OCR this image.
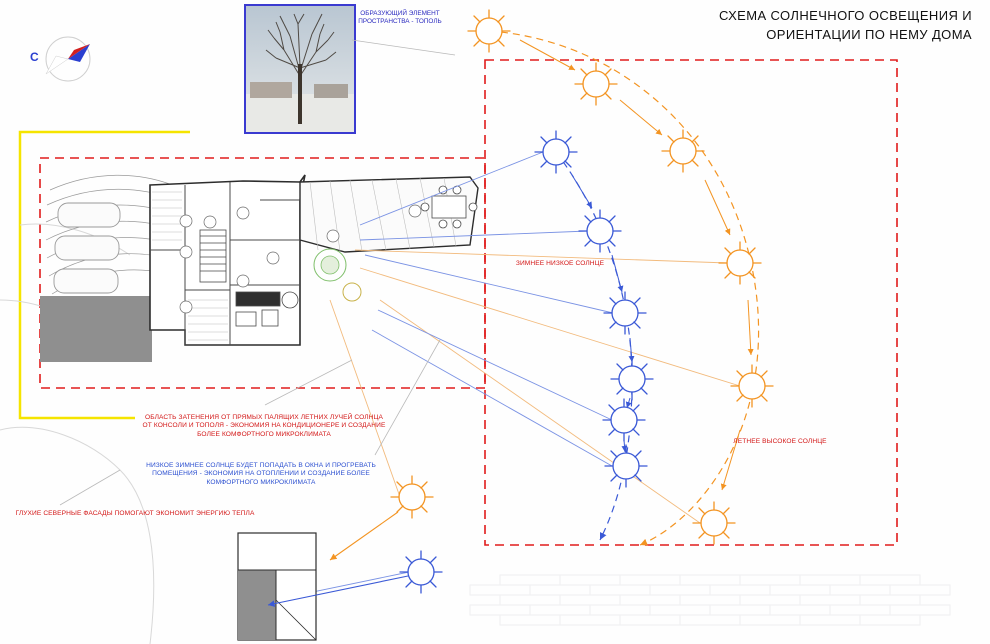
СХЕМА СОЛНЕЧНОГО ОСВЕЩЕНИЯ И
ОРИЕНТАЦИИ ПО НЕМУ ДОМА
С
ОБРАЗУЮЩИЙ ЭЛЕМЕНТ ПРОСТРАНСТВА - ТОПОЛЬ
ЗИМНЕЕ НИЗКОЕ СОЛНЦЕ
ЛЕТНЕЕ ВЫСОКОЕ СОЛНЦЕ
ОБЛАСТЬ ЗАТЕНЕНИЯ ОТ ПРЯМЫХ ПАЛЯЩИХ ЛЕТНИХ ЛУЧЕЙ СОЛНЦА ОТ КОНСОЛИ И ТОПОЛЯ - ЭКОНОМИЯ НА КОНДИЦИОНЕРЕ И СОЗДАНИЕ БОЛЕЕ КОМФОРТНОГО МИКРОКЛИМАТА
НИЗКОЕ ЗИМНЕЕ СОЛНЦЕ БУДЕТ ПОПАДАТЬ В ОКНА И ПРОГРЕВАТЬ ПОМЕЩЕНИЯ - ЭКОНОМИЯ НА ОТОПЛЕНИИ И СОЗДАНИЕ БОЛЕЕ КОМФОРТНОГО МИКРОКЛИМАТА
ГЛУХИЕ СЕВЕРНЫЕ ФАСАДЫ ПОМОГАЮТ ЭКОНОМИТ ЭНЕРГИЮ ТЕПЛА
